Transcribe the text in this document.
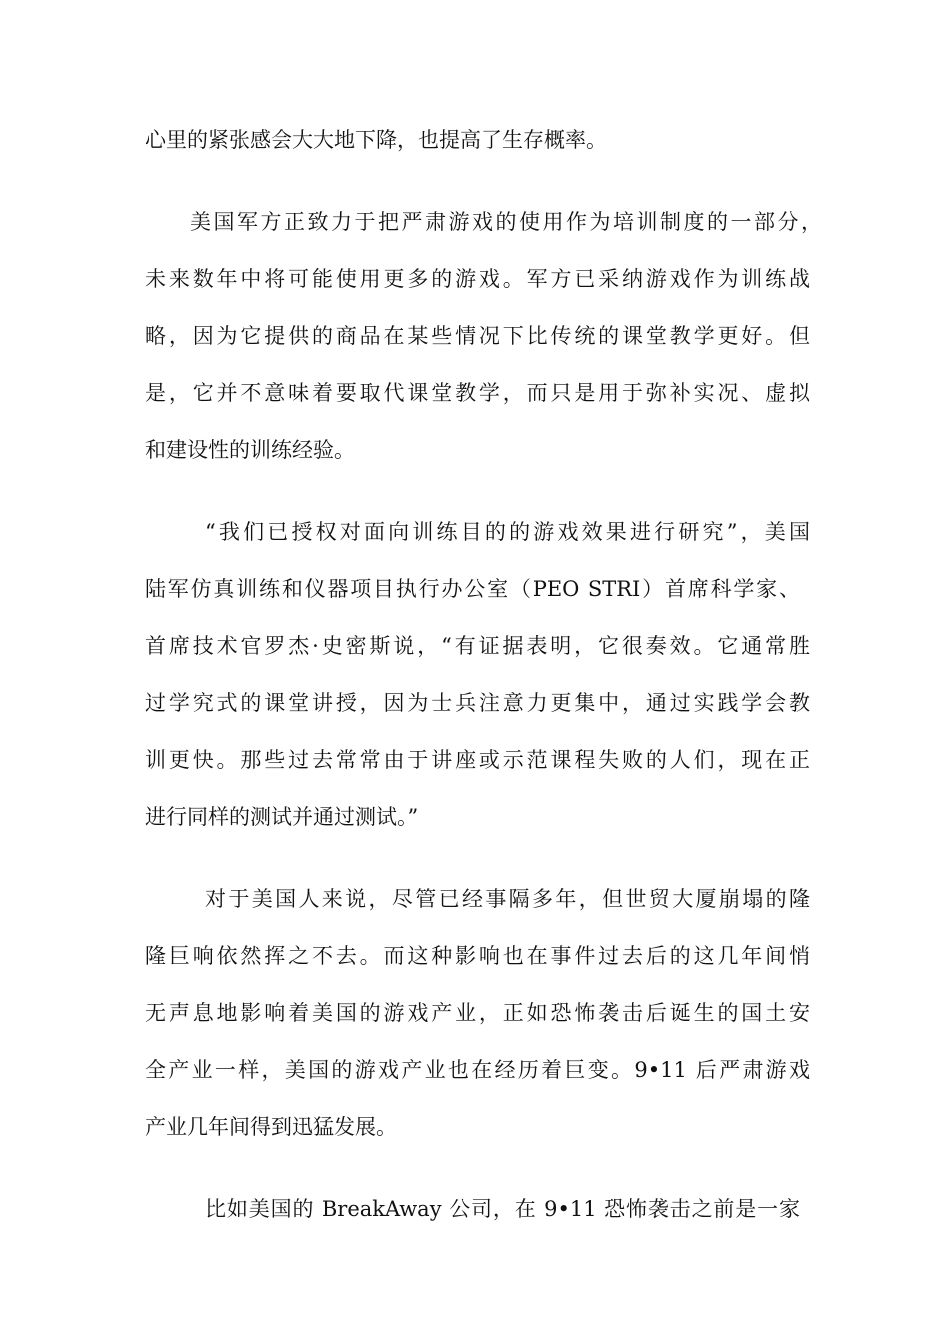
心里的紧张感会大大地下降，也提高了生存概率。
美国军方正致力于把严肃游戏的使用作为培训制度的一部分，
未来数年中将可能使用更多的游戏。军方已采纳游戏作为训练战
略，因为它提供的商品在某些情况下比传统的课堂教学更好。但
是，它并不意味着要取代课堂教学，而只是用于弥补实况、虚拟
和建设性的训练经验。
“我们已授权对面向训练目的的游戏效果进行研究”，美国
陆军仿真训练和仪器项目执行办公室（PEO STRI）首席科学家、
首席技术官罗杰·史密斯说，“有证据表明，它很奏效。它通常胜
过学究式的课堂讲授，因为士兵注意力更集中，通过实践学会教
训更快。那些过去常常由于讲座或示范课程失败的人们，现在正
进行同样的测试并通过测试。”
对于美国人来说，尽管已经事隔多年，但世贸大厦崩塌的隆
隆巨响依然挥之不去。而这种影响也在事件过去后的这几年间悄
无声息地影响着美国的游戏产业，正如恐怖袭击后诞生的国土安
全产业一样，美国的游戏产业也在经历着巨变。9•11 后严肃游戏
产业几年间得到迅猛发展。
比如美国的 BreakAway 公司，在 9•11 恐怖袭击之前是一家
